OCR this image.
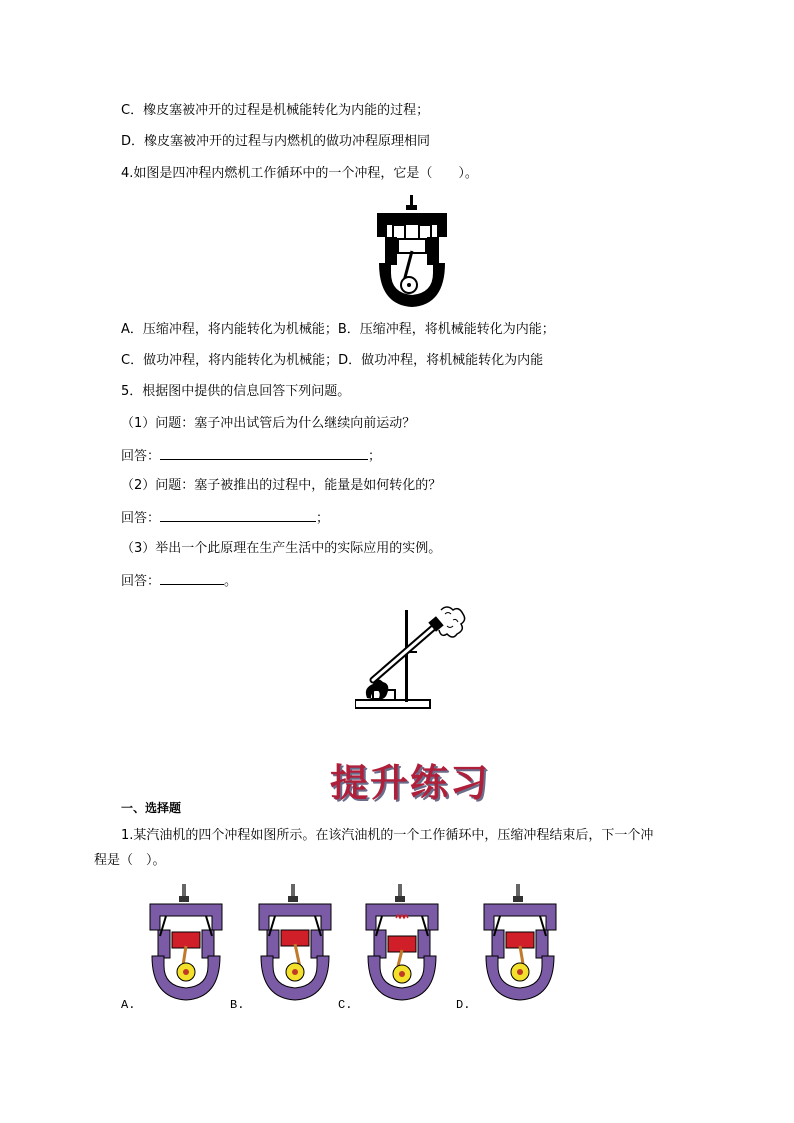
C．橡皮塞被冲开的过程是机械能转化为内能的过程；
D．橡皮塞被冲开的过程与内燃机的做功冲程原理相同
4.如图是四冲程内燃机工作循环中的一个冲程，它是（　　）。
A．压缩冲程，将内能转化为机械能；B．压缩冲程，将机械能转化为内能；
C．做功冲程，将内能转化为机械能；D．做功冲程，将机械能转化为内能
5．根据图中提供的信息回答下列问题。
（1）问题：塞子冲出试管后为什么继续向前运动？
回答：	；
（2）问题：塞子被推出的过程中，能量是如何转化的？
回答：	；
（3）举出一个此原理在生产生活中的实际应用的实例。
回答：	。
提升练习
一、选择题
1.某汽油机的四个冲程如图所示。在该汽油机的一个工作循环中，压缩冲程结束后，下一个冲
程是（　）。
A.	B.	C.	D.
